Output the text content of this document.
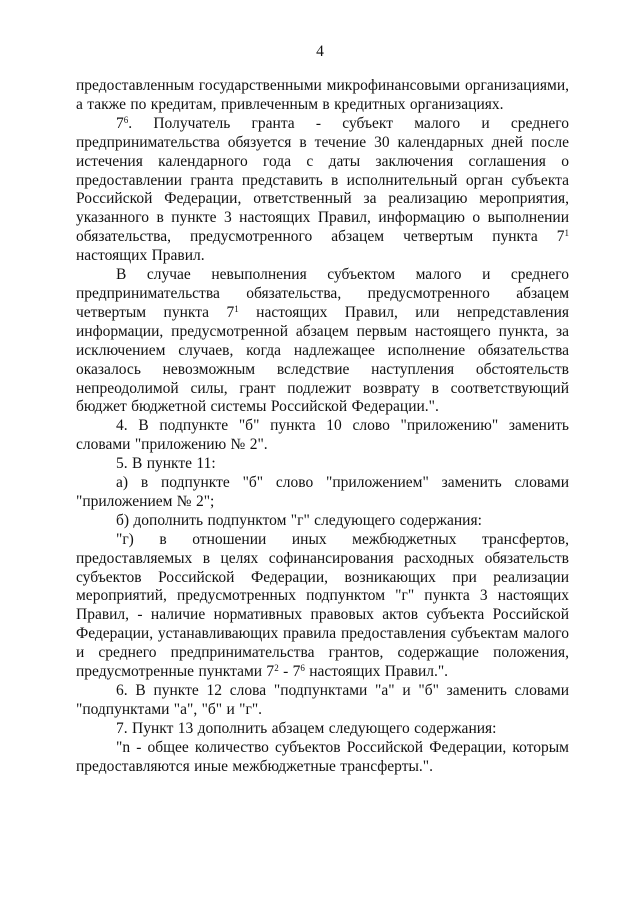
4

предоставленным государственными микрофинансовыми организациями, а также по кредитам, привлеченным в кредитных организациях.

$7^6$. Получатель гранта - субъект малого и среднего предпринимательства обязуется в течение 30 календарных дней после истечения календарного года с даты заключения соглашения о предоставлении гранта представить в исполнительный орган субъекта Российской Федерации, ответственный за реализацию мероприятия, указанного в пункте 3 настоящих Правил, информацию о выполнении обязательства, предусмотренного абзацем четвертым пункта $7^1$ настоящих Правил.

В случае невыполнения субъектом малого и среднего предпринимательства обязательства, предусмотренного абзацем четвертым пункта $7^1$ настоящих Правил, или непредставления информации, предусмотренной абзацем первым настоящего пункта, за исключением случаев, когда надлежащее исполнение обязательства оказалось невозможным вследствие наступления обстоятельств непреодолимой силы, грант подлежит возврату в соответствующий бюджет бюджетной системы Российской Федерации.".

4. В подпункте "б" пункта 10 слово "приложению" заменить словами "приложению № 2".

5. В пункте 11:

а) в подпункте "б" слово "приложением" заменить словами "приложением № 2";

б) дополнить подпунктом "г" следующего содержания:

"г) в отношении иных межбюджетных трансфертов, предоставляемых в целях софинансирования расходных обязательств субъектов Российской Федерации, возникающих при реализации мероприятий, предусмотренных подпунктом "г" пункта 3 настоящих Правил, - наличие нормативных правовых актов субъекта Российской Федерации, устанавливающих правила предоставления субъектам малого и среднего предпринимательства грантов, содержащие положения, предусмотренные пунктами $7^2 - 7^6$ настоящих Правил.".

6. В пункте 12 слова "подпунктами "а" и "б" заменить словами "подпунктами "а", "б" и "г".

7. Пункт 13 дополнить абзацем следующего содержания:

"n - общее количество субъектов Российской Федерации, которым предоставляются иные межбюджетные трансферты.".
